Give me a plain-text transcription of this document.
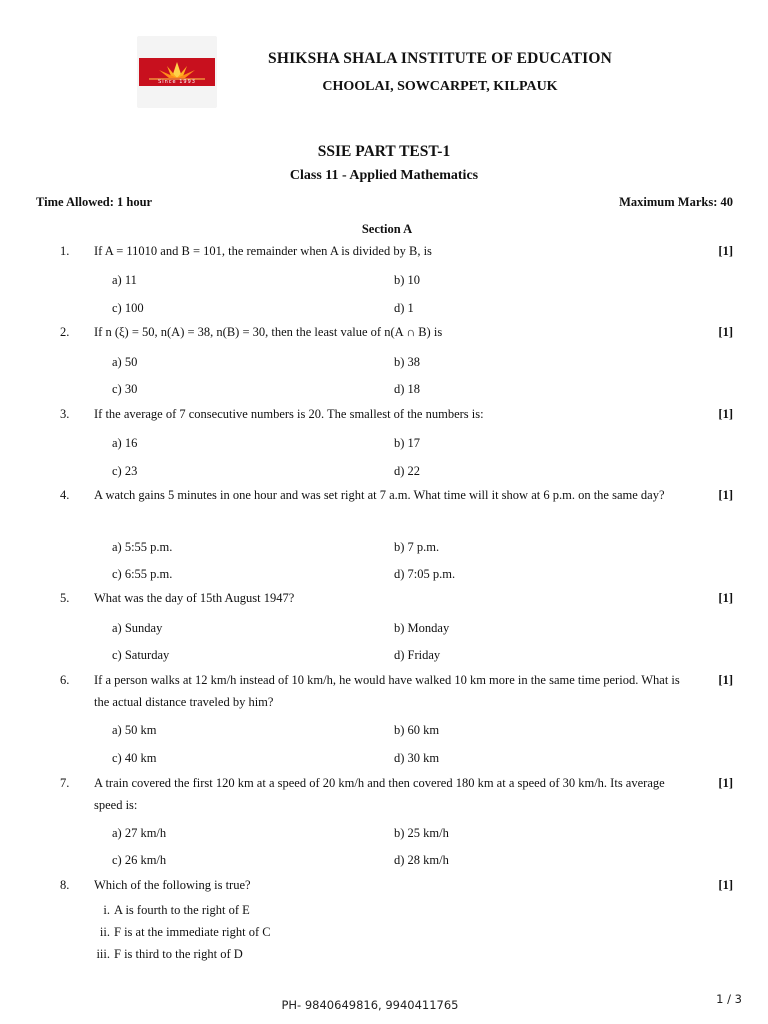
Since 1993
SHIKSHA SHALA INSTITUTE OF EDUCATION
CHOOLAI, SOWCARPET, KILPAUK
SSIE PART TEST-1
Class 11 - Applied Mathematics
Time Allowed: 1 hour	Maximum Marks: 40
Section A
1. If A = 11010 and B = 101, the remainder when A is divided by B, is	[1]
a) 11	b) 10
c) 100	d) 1
2. If n (ξ) = 50, n(A) = 38, n(B) = 30, then the least value of n(A ∩ B) is	[1]
a) 50	b) 38
c) 30	d) 18
3. If the average of 7 consecutive numbers is 20. The smallest of the numbers is:	[1]
a) 16	b) 17
c) 23	d) 22
4. A watch gains 5 minutes in one hour and was set right at 7 a.m. What time will it show at 6 p.m. on the same day?	[1]
a) 5:55 p.m.	b) 7 p.m.
c) 6:55 p.m.	d) 7:05 p.m.
5. What was the day of 15th August 1947?	[1]
a) Sunday	b) Monday
c) Saturday	d) Friday
6. If a person walks at 12 km/h instead of 10 km/h, he would have walked 10 km more in the same time period. What is the actual distance traveled by him?
[1]
a) 50 km	b) 60 km
c) 40 km	d) 30 km
7. A train covered the first 120 km at a speed of 20 km/h and then covered 180 km at a speed of 30 km/h. Its average speed is:
[1]
a) 27 km/h	b) 25 km/h
c) 26 km/h	d) 28 km/h
8. Which of the following is true?	[1]
i. A is fourth to the right of E
ii. F is at the immediate right of C
iii. F is third to the right of D
PH- 9840649816, 9940411765	1 / 3
